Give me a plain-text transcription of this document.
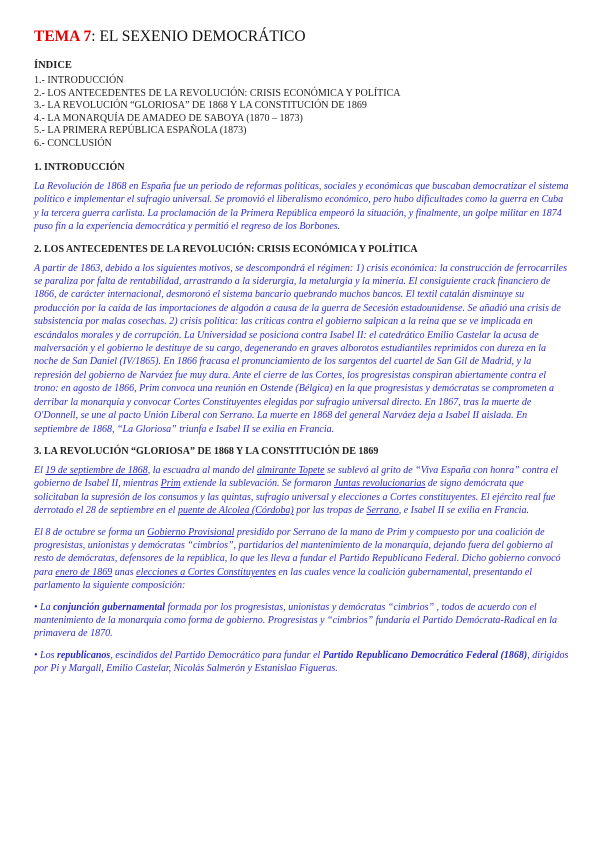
TEMA 7: EL SEXENIO DEMOCRÁTICO
ÍNDICE
1.- INTRODUCCIÓN
2.- LOS ANTECEDENTES DE LA REVOLUCIÓN: CRISIS ECONÓMICA Y POLÍTICA
3.- LA REVOLUCIÓN “GLORIOSA” DE 1868 Y LA CONSTITUCIÓN DE 1869
4.- LA MONARQUÍA DE AMADEO DE SABOYA (1870 – 1873)
5.- LA PRIMERA REPÚBLICA ESPAÑOLA (1873)
6.- CONCLUSIÓN
1. INTRODUCCIÓN

La Revolución de 1868 en España fue un periodo de reformas políticas, sociales y económicas que buscaban democratizar el sistema político e implementar el sufragio universal. Se promovió el liberalismo económico, pero hubo dificultades como la guerra en Cuba y la tercera guerra carlista. La proclamación de la Primera República empeoró la situación, y finalmente, un golpe militar en 1874 puso fin a la experiencia democrática y permitió el regreso de los Borbones.

2. LOS ANTECEDENTES DE LA REVOLUCIÓN: CRISIS ECONÓMICA Y POLÍTICA

A partir de 1863, debido a los siguientes motivos, se descompondrá el régimen: 1) crisis económica: la construcción de ferrocarriles se paraliza por falta de rentabilidad, arrastrando a la siderurgia, la metalurgia y la minería. El consiguiente crack financiero de 1866, de carácter internacional, desmoronó el sistema bancario quebrando muchos bancos. El textil catalán disminuye su producción por la caída de las importaciones de algodón a causa de la guerra de Secesión estadounidense. Se añadió una crisis de subsistencia por malas cosechas. 2) crisis política: las críticas contra el gobierno salpican a la reina que se ve implicada en escándalos morales y de corrupción. La Universidad se posiciona contra Isabel II: el catedrático Emilio Castelar la acusa de malversación y el gobierno le destituye de su cargo, degenerando en graves alborotos estudiantiles reprimidos con dureza en la noche de San Daniel (IV/1865). En 1866 fracasa el pronunciamiento de los sargentos del cuartel de San Gil de Madrid, y la represión del gobierno de Narváez fue muy dura. Ante el cierre de las Cortes, los progresistas conspiran abiertamente contra el trono: en agosto de 1866, Prim convoca una reunión en Ostende (Bélgica) en la que progresistas y demócratas se comprometen a derribar la monarquía y convocar Cortes Constituyentes elegidas por sufragio universal directo. En 1867, tras la muerte de O'Donnell, se une al pacto Unión Liberal con Serrano. La muerte en 1868 del general Narváez deja a Isabel II aislada. En septiembre de 1868, “La Gloriosa” triunfa e Isabel II se exilia en Francia.

3. LA REVOLUCIÓN “GLORIOSA” DE 1868 Y LA CONSTITUCIÓN DE 1869

El 19 de septiembre de 1868, la escuadra al mando del almirante Topete se sublevó al grito de “Viva España con honra” contra el gobierno de Isabel II, mientras Prim extiende la sublevación. Se formaron Juntas revolucionarias de signo demócrata que solicitaban la supresión de los consumos y las quintas, sufragio universal y elecciones a Cortes constituyentes. El ejército real fue derrotado el 28 de septiembre en el puente de Alcolea (Córdoba) por las tropas de Serrano, e Isabel II se exilia en Francia.

El 8 de octubre se forma un Gobierno Provisional presidido por Serrano de la mano de Prim y compuesto por una coalición de progresistas, unionistas y demócratas “cimbrios”, partidarios del mantenimiento de la monarquía, dejando fuera del gobierno al resto de demócratas, defensores de la república, lo que les lleva a fundar el Partido Republicano Federal. Dicho gobierno convocó para enero de 1869 unas elecciones a Cortes Constituyentes en las cuales vence la coalición gubernamental, presentando el parlamento la siguiente composición:

• La conjunción gubernamental formada por los progresistas, unionistas y demócratas “cimbrios” , todos de acuerdo con el mantenimiento de la monarquía como forma de gobierno. Progresistas y “cimbrios” fundaría el Partido Demócrata-Radical en la primavera de 1870.

• Los republicanos, escindidos del Partido Democrático para fundar el Partido Republicano Democrático Federal (1868), dirigidos por Pi y Margall, Emilio Castelar, Nicolás Salmerón y Estanislao Figueras.
